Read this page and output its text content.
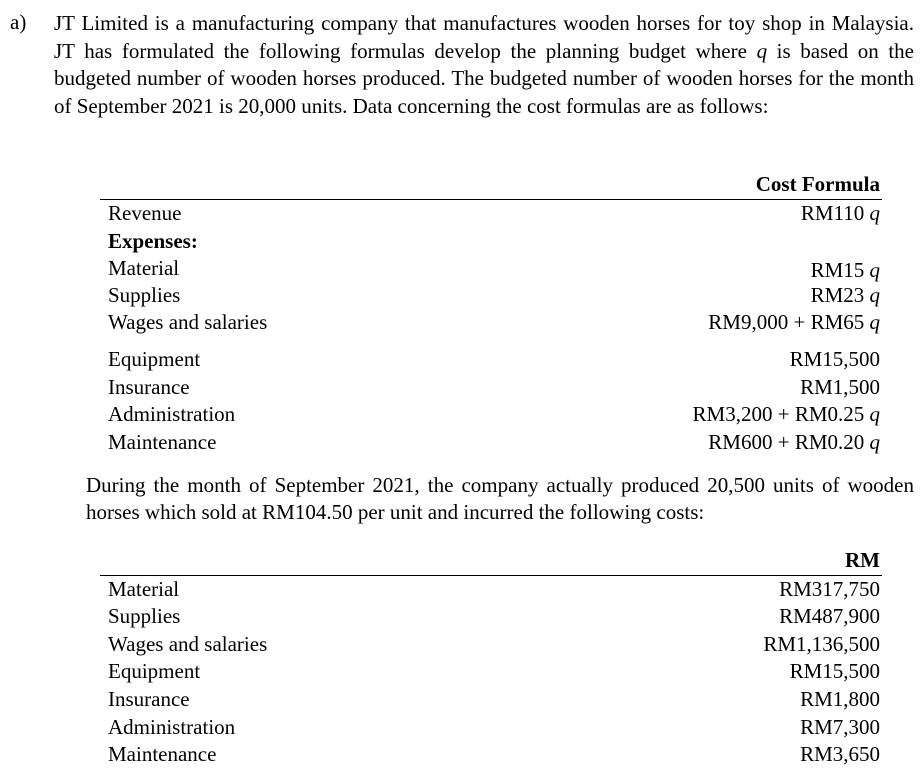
a) JT Limited is a manufacturing company that manufactures wooden horses for toy shop in Malaysia. JT has formulated the following formulas develop the planning budget where q is based on the budgeted number of wooden horses produced. The budgeted number of wooden horses for the month of September 2021 is 20,000 units. Data concerning the cost formulas are as follows:
Cost Formula
Revenue	RM110 q
Expenses:
Material	RM15 q
Supplies	RM23 q
Wages and salaries	RM9,000 + RM65 q
Equipment	RM15,500
Insurance	RM1,500
Administration	RM3,200 + RM0.25 q
Maintenance	RM600 + RM0.20 q
During the month of September 2021, the company actually produced 20,500 units of wooden horses which sold at RM104.50 per unit and incurred the following costs:
RM
Material	RM317,750
Supplies	RM487,900
Wages and salaries	RM1,136,500
Equipment	RM15,500
Insurance	RM1,800
Administration	RM7,300
Maintenance	RM3,650
